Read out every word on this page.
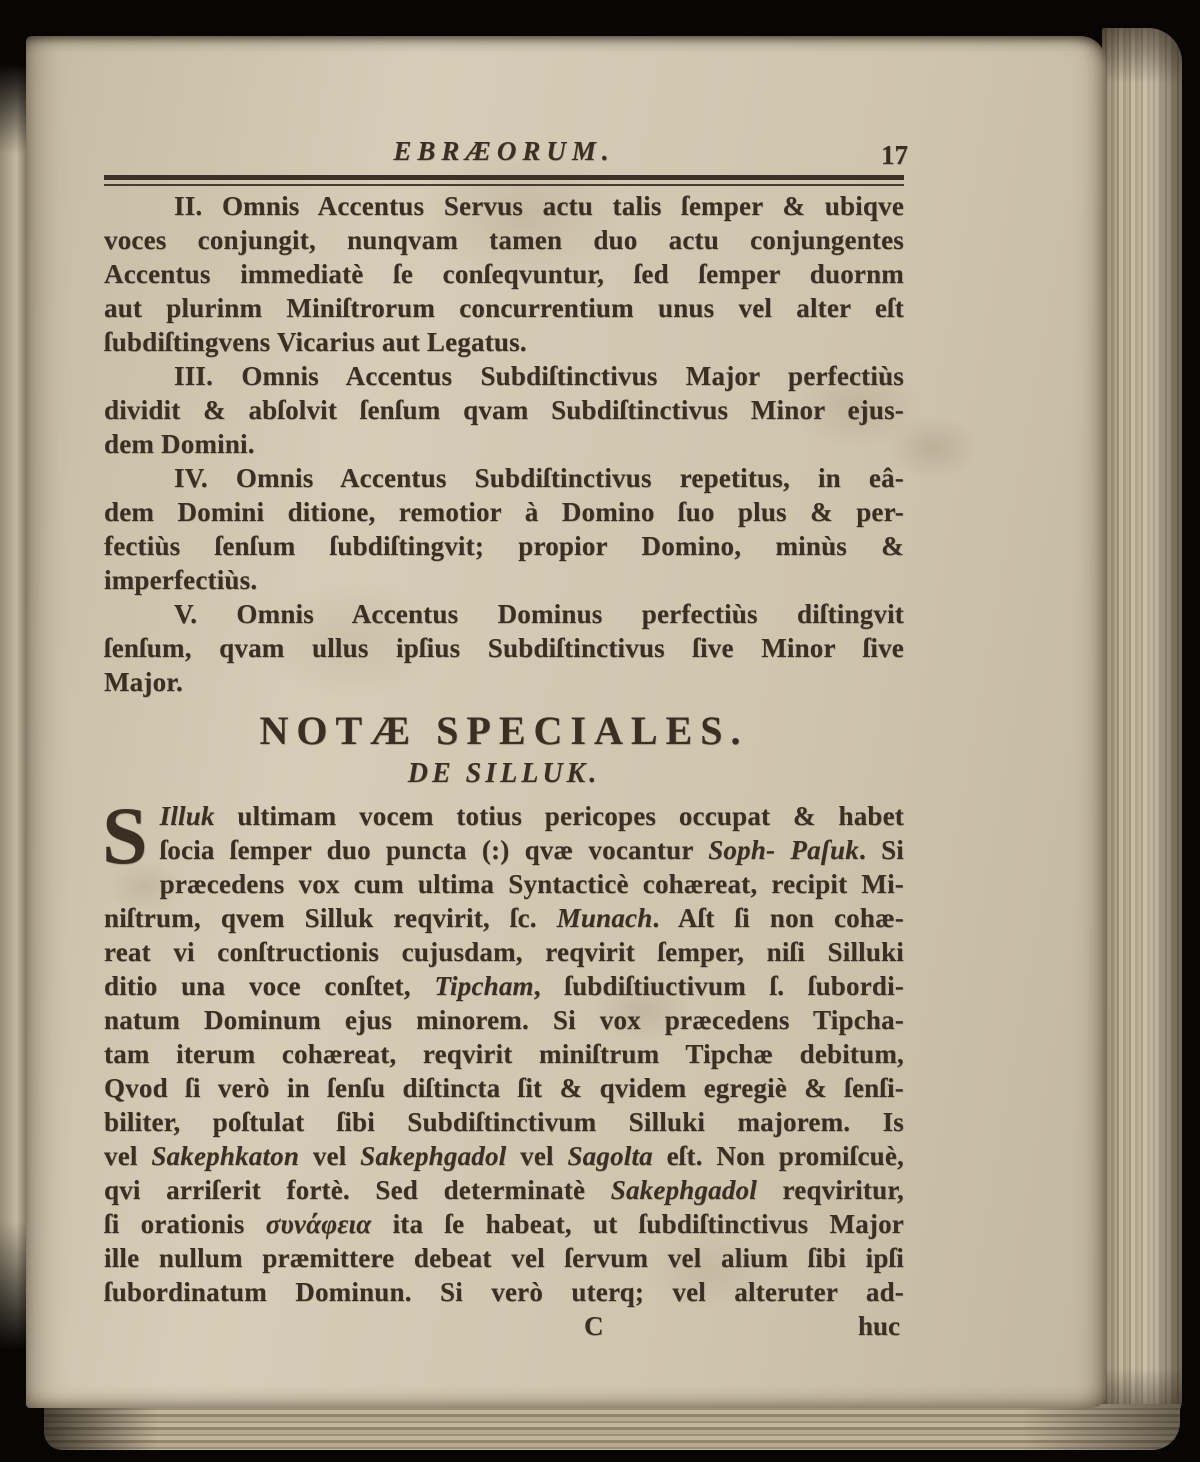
EBRÆORUM.	17
II. Omnis Accentus Servus actu talis ſemper & ubiqve
voces conjungit, nunqvam tamen duo actu conjungentes
Accentus immediatè ſe conſeqvuntur, ſed ſemper duornm
aut plurinm Miniſtrorum concurrentium unus vel alter eſt
ſubdiſtingvens Vicarius aut Legatus.
III. Omnis Accentus Subdiſtinctivus Major perfectiùs
dividit & abſolvit ſenſum qvam Subdiſtinctivus Minor ejus-
dem Domini.
IV. Omnis Accentus Subdiſtinctivus repetitus, in eâ-
dem Domini ditione, remotior à Domino ſuo plus & per-
fectiùs ſenſum ſubdiſtingvit; propior Domino, minùs &
imperfectiùs.
V. Omnis Accentus Dominus perfectiùs diſtingvit
ſenſum, qvam ullus ipſius Subdiſtinctivus ſive Minor ſive
Major.
NOTÆ SPECIALES.
DE SILLUK.
S Illuk ultimam vocem totius pericopes occupat & habet
ſocia ſemper duo puncta (:) qvæ vocantur Soph- Paſuk. Si
præcedens vox cum ultima Syntacticè cohæreat, recipit Mi-
niſtrum, qvem Silluk reqvirit, ſc. Munach. Aſt ſi non cohæ-
reat vi conſtructionis cujusdam, reqvirit ſemper, niſi Silluki
ditio una voce conſtet, Tipcham, ſubdiſtiuctivum ſ. ſubordi-
natum Dominum ejus minorem. Si vox præcedens Tipcha-
tam iterum cohæreat, reqvirit miniſtrum Tipchæ debitum,
Qvod ſi verò in ſenſu diſtincta ſit & qvidem egregiè & ſenſi-
biliter, poſtulat ſibi Subdiſtinctivum Silluki majorem. Is
vel Sakephkaton vel Sakephgadol vel Sagolta eſt. Non promiſcuè,
qvi arriſerit fortè. Sed determinatè Sakephgadol reqviritur,
ſi orationis συνάφεια ita ſe habeat, ut ſubdiſtinctivus Major
ille nullum præmittere debeat vel ſervum vel alium ſibi ipſi
ſubordinatum Dominun. Si verò uterq; vel alteruter ad-
C	huc
